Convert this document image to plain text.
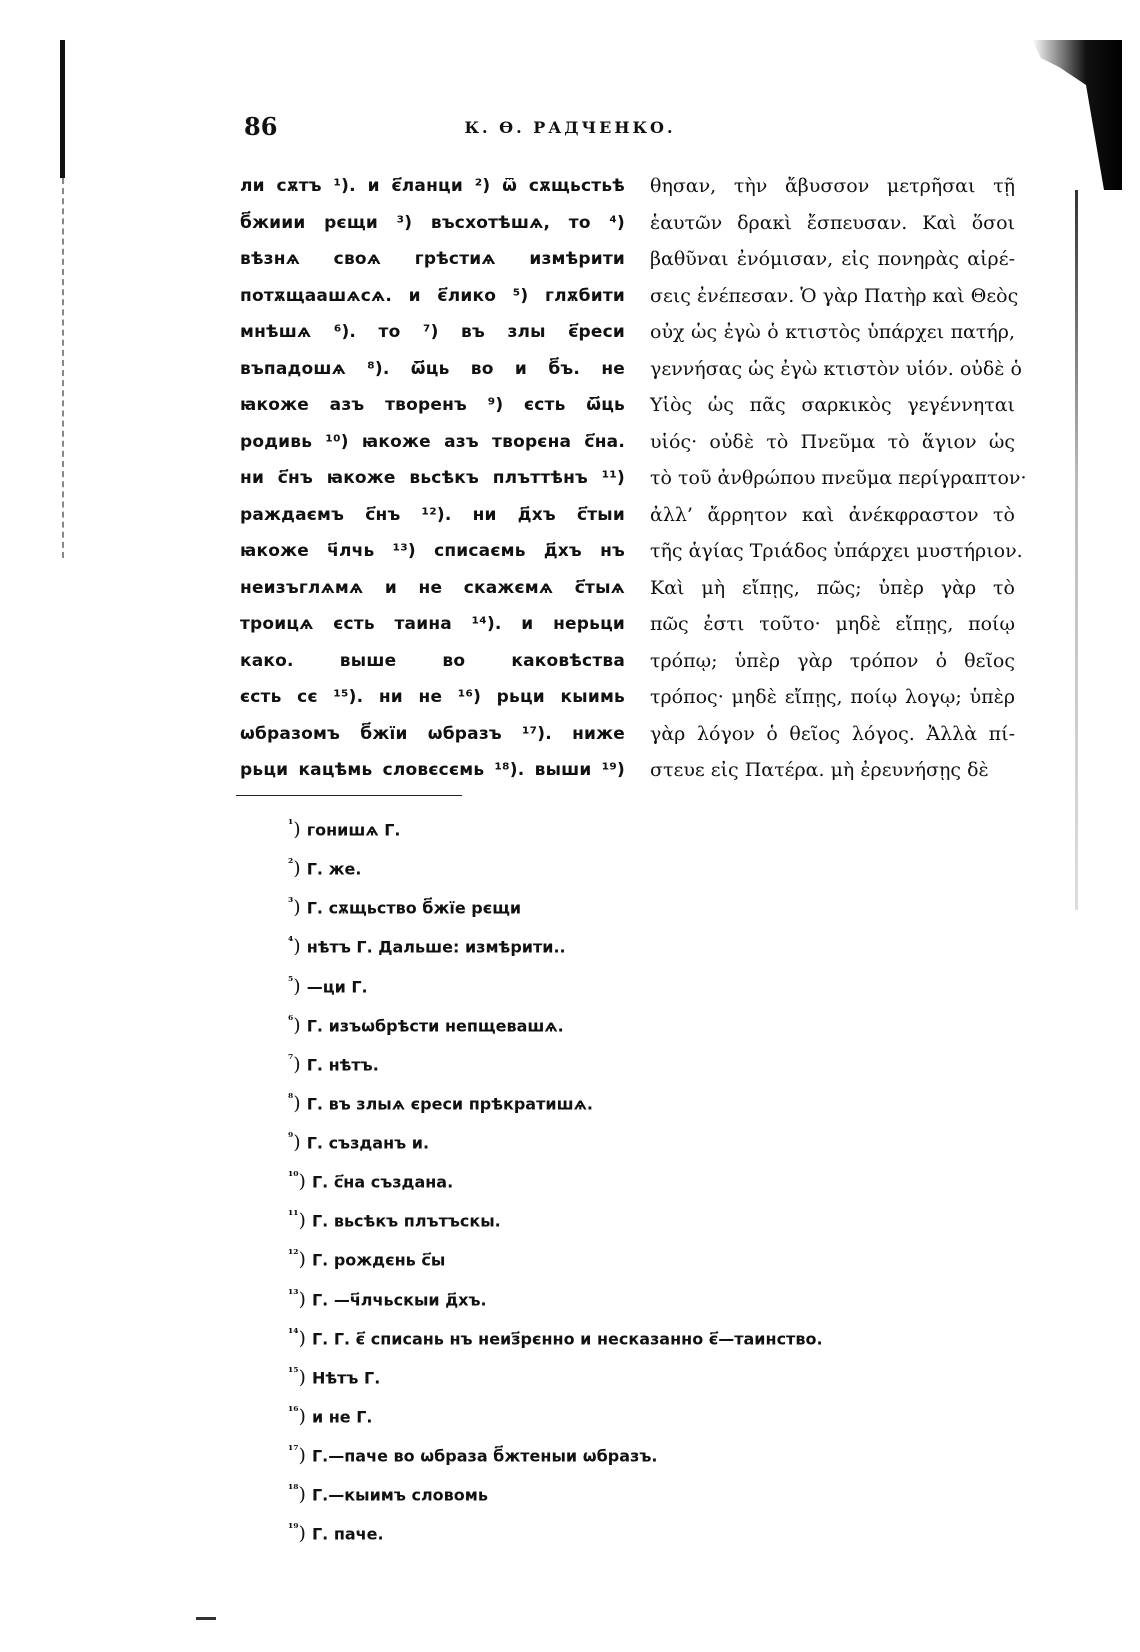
86	К. Ѳ. РАДЧЕНКО.
ли сѫтъ ¹). и є҃ланци ²) ѿ сѫщьстьѣ
б҃жиии рєщи ³) въсхотѣшѧ, то ⁴)
вѣзнѧ своѧ грѣстиѧ измѣрити
потѫщаашѧсѧ. и є҃лико ⁵) глѫбити
мнѣшѧ ⁶). то ⁷) въ злы є҃реси
въпадошѧ ⁸). ѿ҃ць во и б҃ъ. не
ꙗкоже азъ творенъ ⁹) єсть ѿ҃ць
родивь ¹⁰) ꙗкоже азъ творєна с҃на.
ни с҃нъ ꙗкоже вьсѣкъ плъттѣнъ ¹¹)
раждаємъ с҃нъ ¹²). ни д҃хъ с҃тыи
ꙗкоже ч҃лчь ¹³) списаємь д҃хъ нъ
неизъглѧмѧ и не скажємѧ с҃тыѧ
троицѧ єсть таина ¹⁴). и нерьци
како. выше во каковѣства
єсть сє ¹⁵). ни не ¹⁶) рьци кыимь
ѡбразомъ б҃жїи ѡбразъ ¹⁷). ниже
рьци кацѣмь словєсємь ¹⁸). выши ¹⁹)
θησαν, τὴν ἄβυσσον μετρῆσαι τῇ
ἑαυτῶν δρακὶ ἔσπευσαν. Καὶ ὅσοι
βαθῦναι ἐνόμισαν, εἰς πονηρὰς αἱρέ-
σεις ἐνέπεσαν. Ὁ γὰρ Πατὴρ καὶ Θεὸς
οὐχ ὡς ἐγὼ ὁ κτιστὸς ὑπάρχει πατήρ,
γεννήσας ὡς ἐγὼ κτιστὸν υἱόν. οὐδὲ ὁ
Υἱὸς ὡς πᾶς σαρκικὸς γεγέννηται
υἱός· οὐδὲ τὸ Πνεῦμα τὸ ἅγιον ὡς
τὸ τοῦ ἀνθρώπου πνεῦμα περίγραπτον·
ἀλλ’ ἄρρητον καὶ ἀνέκφραστον τὸ
τῆς ἁγίας Τριάδος ὑπάρχει μυστήριον.
Καὶ μὴ εἴπῃς, πῶς; ὑπὲρ γὰρ τὸ
πῶς ἐστι τοῦτο· μηδὲ εἴπῃς, ποίῳ
τρόπῳ; ὑπὲρ γὰρ τρόπον ὁ θεῖος
τρόπος· μηδὲ εἴπῃς, ποίῳ λογῳ; ὑπὲρ
γὰρ λόγον ὁ θεῖος λόγος. Ἀλλὰ πί-
στευε εἰς Πατέρα. μὴ ἐρευνήσῃς δὲ
$^{^1}$) гонишѧ Г.
$^{^2}$) Г. же.
$^{^3}$) Г. сѫщьство б҃жїе рєщи
$^{^4}$) нѣтъ Г. Дальше: измѣрити..
$^{^5}$) —ци Г.
$^{^6}$) Г. изъѡбрѣсти непщевашѧ.
$^{^7}$) Г. нѣтъ.
$^{^8}$) Г. въ злыѧ єреси прѣкратишѧ.
$^{^9}$) Г. създанъ и.
$^{^{10}}$) Г. с҃на създана.
$^{^{11}}$) Г. вьсѣкъ плътъскы.
$^{^{12}}$) Г. рождєнь с҃ы
$^{^{13}}$) Г. —ч҃лчьскыи д҃хъ.
$^{^{14}}$) Г. Г. є҃ списань нъ неиз҃рєнно и несказанно є҃—таинство.
$^{^{15}}$) Нѣтъ Г.
$^{^{16}}$) и не Г.
$^{^{17}}$) Г.—паче во ѡбраза б҃жтеныи ѡбразъ.
$^{^{18}}$) Г.—кыимъ словомь
$^{^{19}}$) Г. паче.
